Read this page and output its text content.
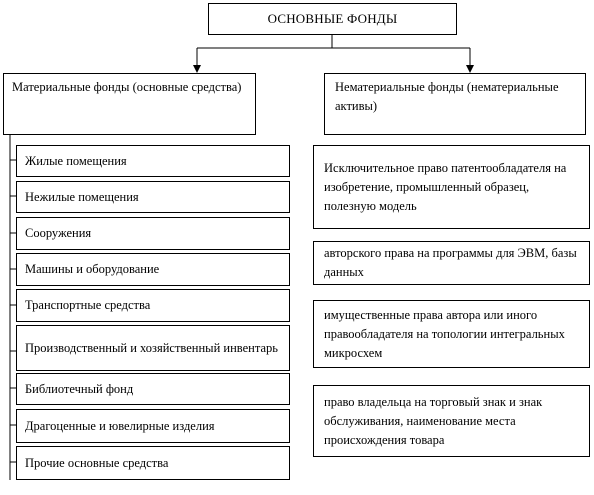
ОСНОВНЫЕ ФОНДЫ
Материальные фонды (основные средства)	Нематериальные фонды (нематериальные активы)
Жилые помещения
Нежилые помещения
Сооружения
Машины и оборудование
Транспортные средства
Производственный и хозяйственный инвентарь
Библиотечный фонд
Драгоценные и ювелирные изделия
Прочие основные средства
Исключительное право патентообладателя на изобретение, промышленный образец, полезную модель
авторского права на программы для ЭВМ, базы данных
имущественные права автора или иного правообладателя на топологии интегральных микросхем
право владельца на торговый знак и знак обслуживания, наименование места происхождения товара
